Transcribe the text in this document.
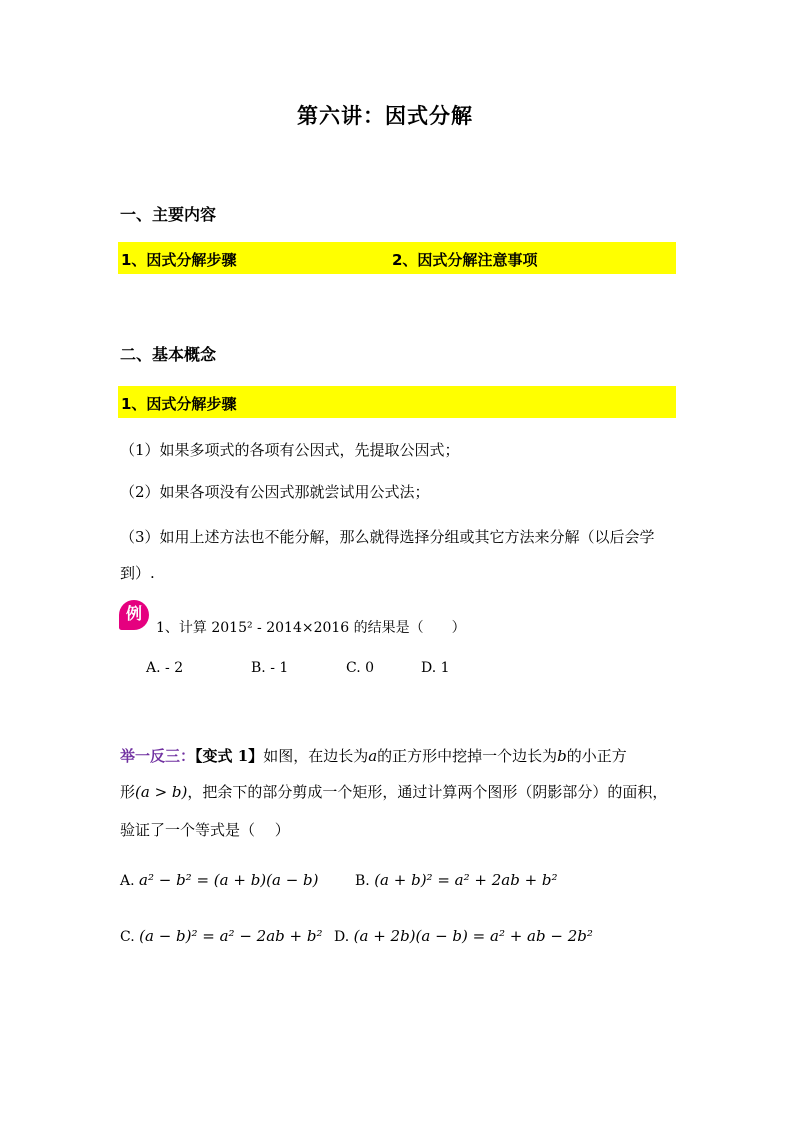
第六讲：因式分解
一、主要内容
1、因式分解步骤	2、因式分解注意事项
二、基本概念
1、因式分解步骤
（1）如果多项式的各项有公因式，先提取公因式；
（2）如果各项没有公因式那就尝试用公式法；
（3）如用上述方法也不能分解，那么就得选择分组或其它方法来分解（以后会学到）.
例
1、计算 2015² - 2014×2016 的结果是（　　）
A. - 2	B. - 1	C. 0	D. 1
举一反三：【变式 1】如图，在边长为a的正方形中挖掉一个边长为b的小正方
形(a > b)，把余下的部分剪成一个矩形，通过计算两个图形（阴影部分）的面积，
验证了一个等式是（　 ）
A. a² − b² = (a + b)(a − b)	B. (a + b)² = a² + 2ab + b²
C. (a − b)² = a² − 2ab + b² D. (a + 2b)(a − b) = a² + ab − 2b²
